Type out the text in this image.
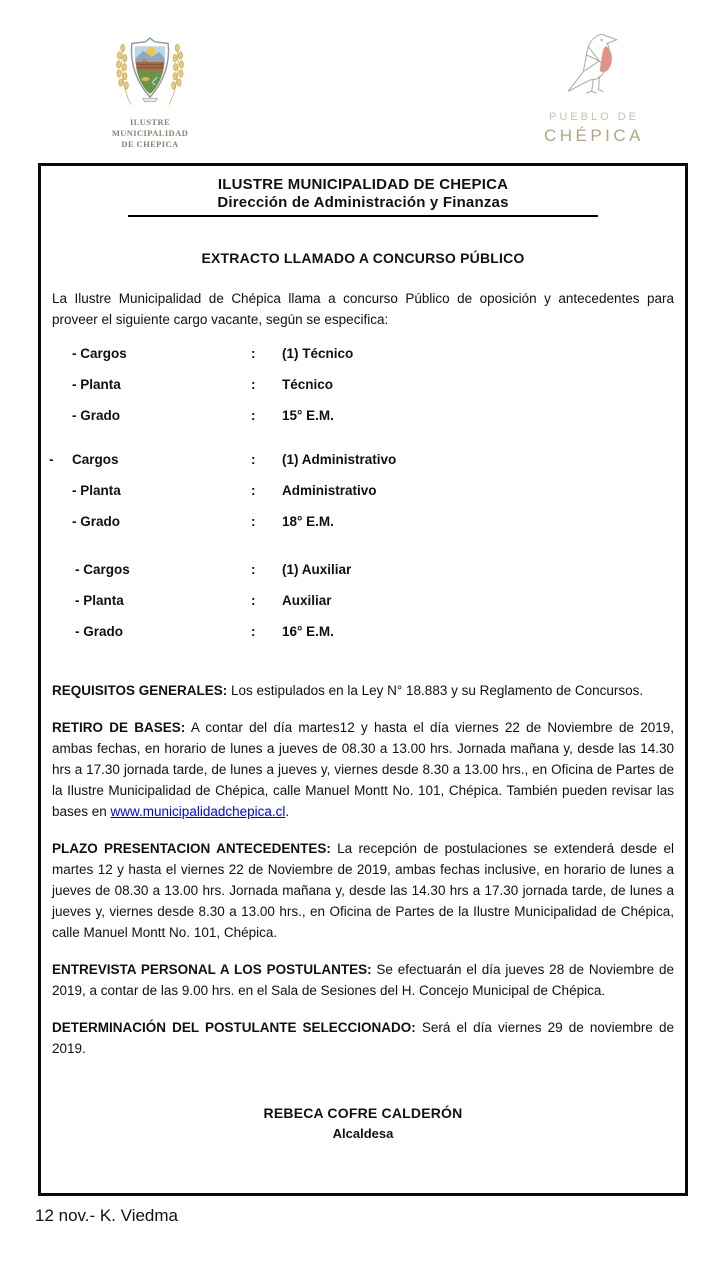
ILUSTRE MUNICIPALIDAD
DE CHEPICA
PUEBLO DE
CHÉPICA
ILUSTRE MUNICIPALIDAD DE CHEPICA
Dirección de Administración y Finanzas
EXTRACTO LLAMADO A CONCURSO PÚBLICO

La Ilustre Municipalidad de Chépica llama a concurso Público de oposición y antecedentes para proveer el siguiente cargo vacante, según se especifica:

- Cargos	:	(1) Técnico
- Planta	:	Técnico
- Grado	:	15° E.M.
-	Cargos	:	(1) Administrativo
- Planta	:	Administrativo
- Grado	:	18° E.M.
- Cargos	:	(1) Auxiliar
- Planta	:	Auxiliar
- Grado	:	16° E.M.

REQUISITOS GENERALES: Los estipulados en la Ley N° 18.883 y su Reglamento de Concursos.

RETIRO DE BASES: A contar del día martes12 y hasta el día viernes 22 de Noviembre de 2019, ambas fechas, en horario de lunes a jueves de 08.30 a 13.00 hrs. Jornada mañana y, desde las 14.30 hrs a 17.30 jornada tarde, de lunes a jueves y, viernes desde 8.30 a 13.00 hrs., en Oficina de Partes de la Ilustre Municipalidad de Chépica, calle Manuel Montt No. 101, Chépica. También pueden revisar las bases en www.municipalidadchepica.cl.

PLAZO PRESENTACION ANTECEDENTES: La recepción de postulaciones se extenderá desde el martes 12 y hasta el viernes 22 de Noviembre de 2019, ambas fechas inclusive, en horario de lunes a jueves de 08.30 a 13.00 hrs. Jornada mañana y, desde las 14.30 hrs a 17.30 jornada tarde, de lunes a jueves y, viernes desde 8.30 a 13.00 hrs., en Oficina de Partes de la Ilustre Municipalidad de Chépica, calle Manuel Montt No. 101, Chépica.

ENTREVISTA PERSONAL A LOS POSTULANTES: Se efectuarán el día jueves 28 de Noviembre de 2019, a contar de las 9.00 hrs. en el Sala de Sesiones del H. Concejo Municipal de Chépica.

DETERMINACIÓN DEL POSTULANTE SELECCIONADO: Será el día viernes 29 de noviembre de 2019.

REBECA COFRE CALDERÓN
Alcaldesa
12 nov.- K. Viedma
